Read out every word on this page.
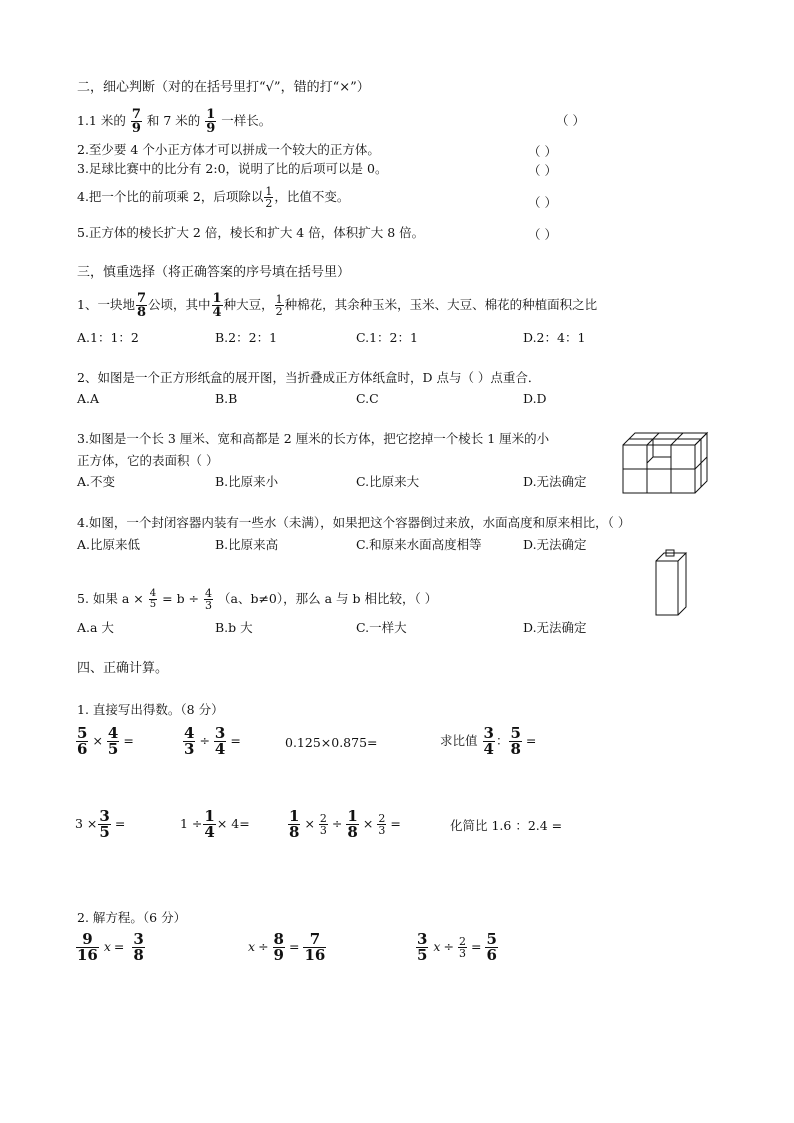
二，细心判断（对的在括号里打“√”，错的打“×”）
1.1 米的 $\frac{7}{9}$ 和 7 米的 $\frac{1}{9}$ 一样长。	（ ）
2.至少要 4 个小正方体才可以拼成一个较大的正方体。	（ ）
3.足球比赛中的比分有 2:0，说明了比的后项可以是 0。	（ ）
4.把一个比的前项乘 2，后项除以 $\frac{1}{2}$ ，比值不变。	（ ）
5.正方体的棱长扩大 2 倍，棱长和扩大 4 倍，体积扩大 8 倍。	（ ）
三，慎重选择（将正确答案的序号填在括号里）
1、一块地 $\frac{7}{8}$ 公顷，其中 $\frac{1}{4}$ 种大豆， $\frac{1}{2}$ 种棉花，其余种玉米，玉米、大豆、棉花的种植面积之比
A.1：1：2	B.2：2：1	C.1：2：1	D.2：4：1
2、如图是一个正方形纸盒的展开图，当折叠成正方体纸盒时，D 点与（ ）点重合．
A.A	B.B	C.C	D.D
3.如图是一个长 3 厘米、宽和高都是 2 厘米的长方体，把它挖掉一个棱长 1 厘米的小
正方体，它的表面积（ ）
A.不变	B.比原来小	C.比原来大	D.无法确定
4.如图，一个封闭容器内装有一些水（未满），如果把这个容器倒过来放，水面高度和原来相比，（ ）
A.比原来低	B.比原来高	C.和原来水面高度相等	D.无法确定
5. 如果 $a \times \frac{4}{5} = b \div \frac{4}{3} (a$、b≠0），那么 a 与 b 相比较，（ ）
A.a 大	B.b 大	C.一样大	D.无法确定
四、正确计算。
1. 直接写出得数。（8 分）
$\frac{5}{6} \times \frac{4}{5}$ =	$\frac{4}{3} \div \frac{3}{4}$ =	0.125×0.875=	求比值 $\frac{3}{4}$ ： $\frac{5}{8}$ =
$3 \times \frac{3}{5}$ =	$1 \div \frac{1}{4} \times 4=$	$\frac{1}{8} \times \frac{2}{3} \div \frac{1}{8} \times \frac{2}{3}$ =	化简比 1.6 ：2.4 =
2. 解方程。（6 分）
$\frac{9}{16}$ $x = \frac{3}{8}$	$x \div \frac{8}{9} = \frac{7}{16}$	$\frac{3}{5}$ $x \div \frac{2}{3} = \frac{5}{6}$
